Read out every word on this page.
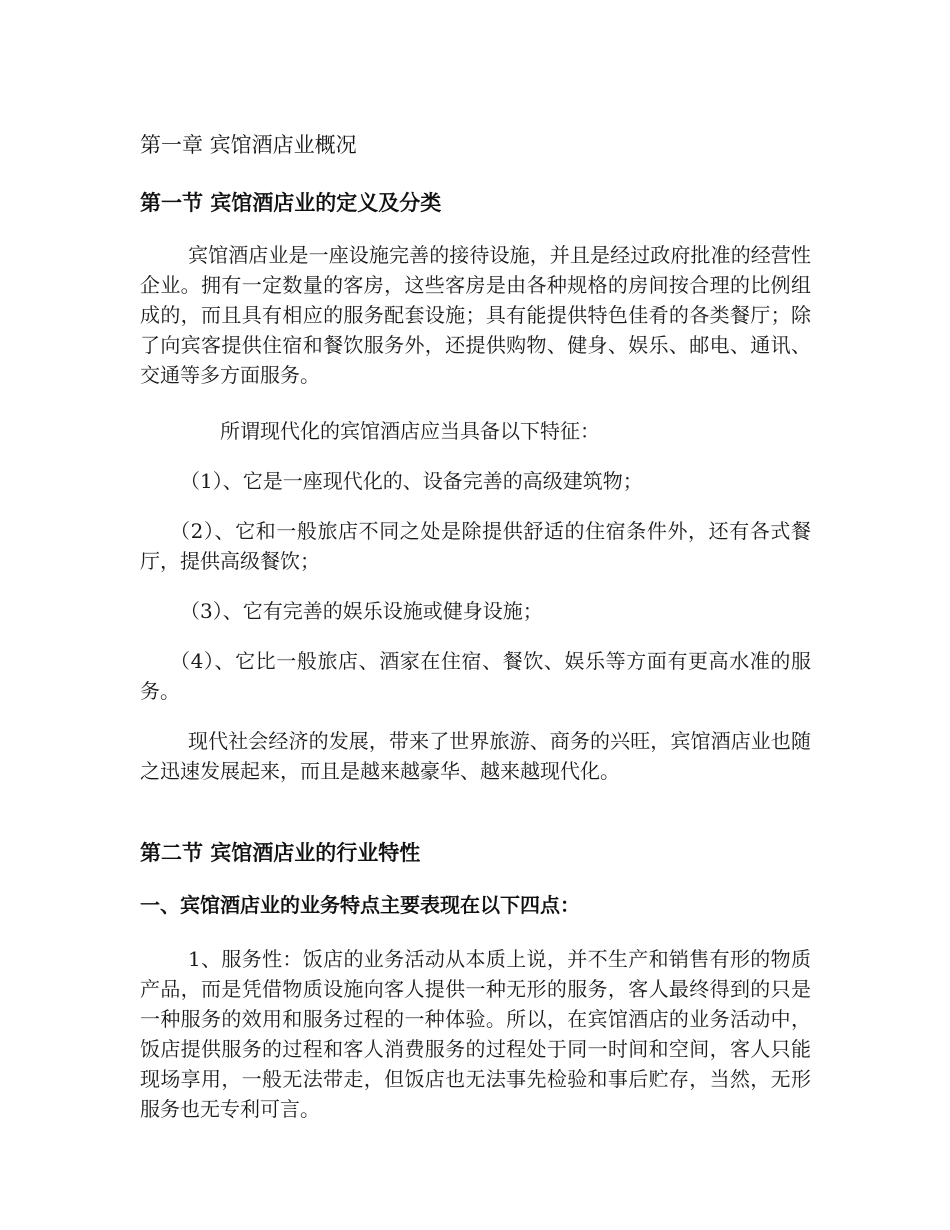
第一章 宾馆酒店业概况
第一节 宾馆酒店业的定义及分类

宾馆酒店业是一座设施完善的接待设施，并且是经过政府批准的经营性企业。拥有一定数量的客房，这些客房是由各种规格的房间按合理的比例组成的，而且具有相应的服务配套设施；具有能提供特色佳肴的各类餐厅；除了向宾客提供住宿和餐饮服务外，还提供购物、健身、娱乐、邮电、通讯、交通等多方面服务。

所谓现代化的宾馆酒店应当具备以下特征：

（1）、它是一座现代化的、设备完善的高级建筑物；

（2）、它和一般旅店不同之处是除提供舒适的住宿条件外，还有各式餐厅，提供高级餐饮；

（3）、它有完善的娱乐设施或健身设施；

（4）、它比一般旅店、酒家在住宿、餐饮、娱乐等方面有更高水准的服务。

现代社会经济的发展，带来了世界旅游、商务的兴旺，宾馆酒店业也随之迅速发展起来，而且是越来越豪华、越来越现代化。

第二节 宾馆酒店业的行业特性
一、宾馆酒店业的业务特点主要表现在以下四点：

1、服务性：饭店的业务活动从本质上说，并不生产和销售有形的物质产品，而是凭借物质设施向客人提供一种无形的服务，客人最终得到的只是一种服务的效用和服务过程的一种体验。所以，在宾馆酒店的业务活动中，饭店提供服务的过程和客人消费服务的过程处于同一时间和空间，客人只能现场享用，一般无法带走，但饭店也无法事先检验和事后贮存，当然，无形服务也无专利可言。
